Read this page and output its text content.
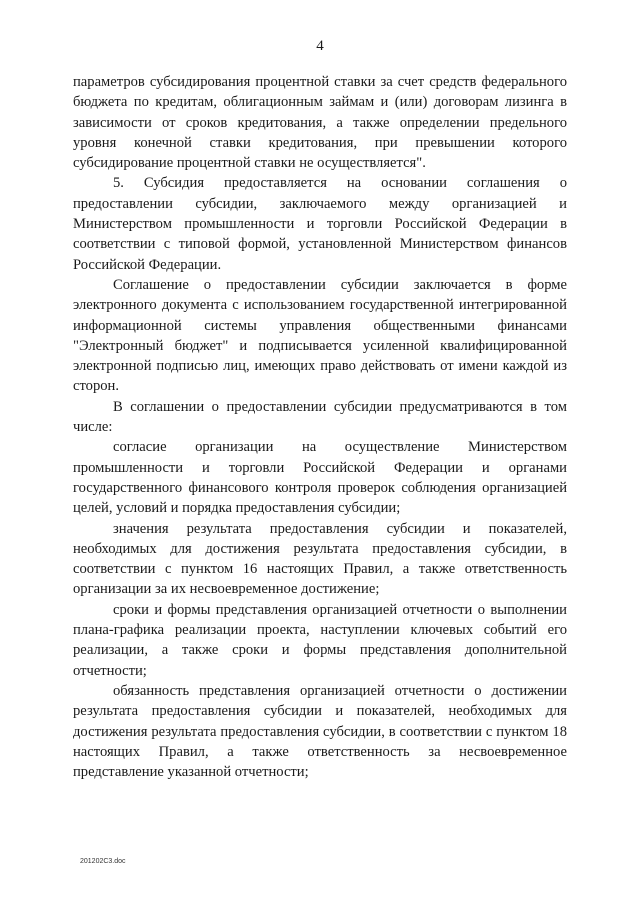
4

параметров субсидирования процентной ставки за счет средств федерального бюджета по кредитам, облигационным займам и (или) договорам лизинга в зависимости от сроков кредитования, а также определении предельного уровня конечной ставки кредитования, при превышении которого субсидирование процентной ставки не осуществляется".

5. Субсидия предоставляется на основании соглашения о предоставлении субсидии, заключаемого между организацией и Министерством промышленности и торговли Российской Федерации в соответствии с типовой формой, установленной Министерством финансов Российской Федерации.

Соглашение о предоставлении субсидии заключается в форме электронного документа с использованием государственной интегрированной информационной системы управления общественными финансами "Электронный бюджет" и подписывается усиленной квалифицированной электронной подписью лиц, имеющих право действовать от имени каждой из сторон.

В соглашении о предоставлении субсидии предусматриваются в том числе:

согласие организации на осуществление Министерством промышленности и торговли Российской Федерации и органами государственного финансового контроля проверок соблюдения организацией целей, условий и порядка предоставления субсидии;

значения результата предоставления субсидии и показателей, необходимых для достижения результата предоставления субсидии, в соответствии с пунктом 16 настоящих Правил, а также ответственность организации за их несвоевременное достижение;

сроки и формы представления организацией отчетности о выполнении плана-графика реализации проекта, наступлении ключевых событий его реализации, а также сроки и формы представления дополнительной отчетности;

обязанность представления организацией отчетности о достижении результата предоставления субсидии и показателей, необходимых для достижения результата предоставления субсидии, в соответствии с пунктом 18 настоящих Правил, а также ответственность за несвоевременное представление указанной отчетности;

201202С3.doc
